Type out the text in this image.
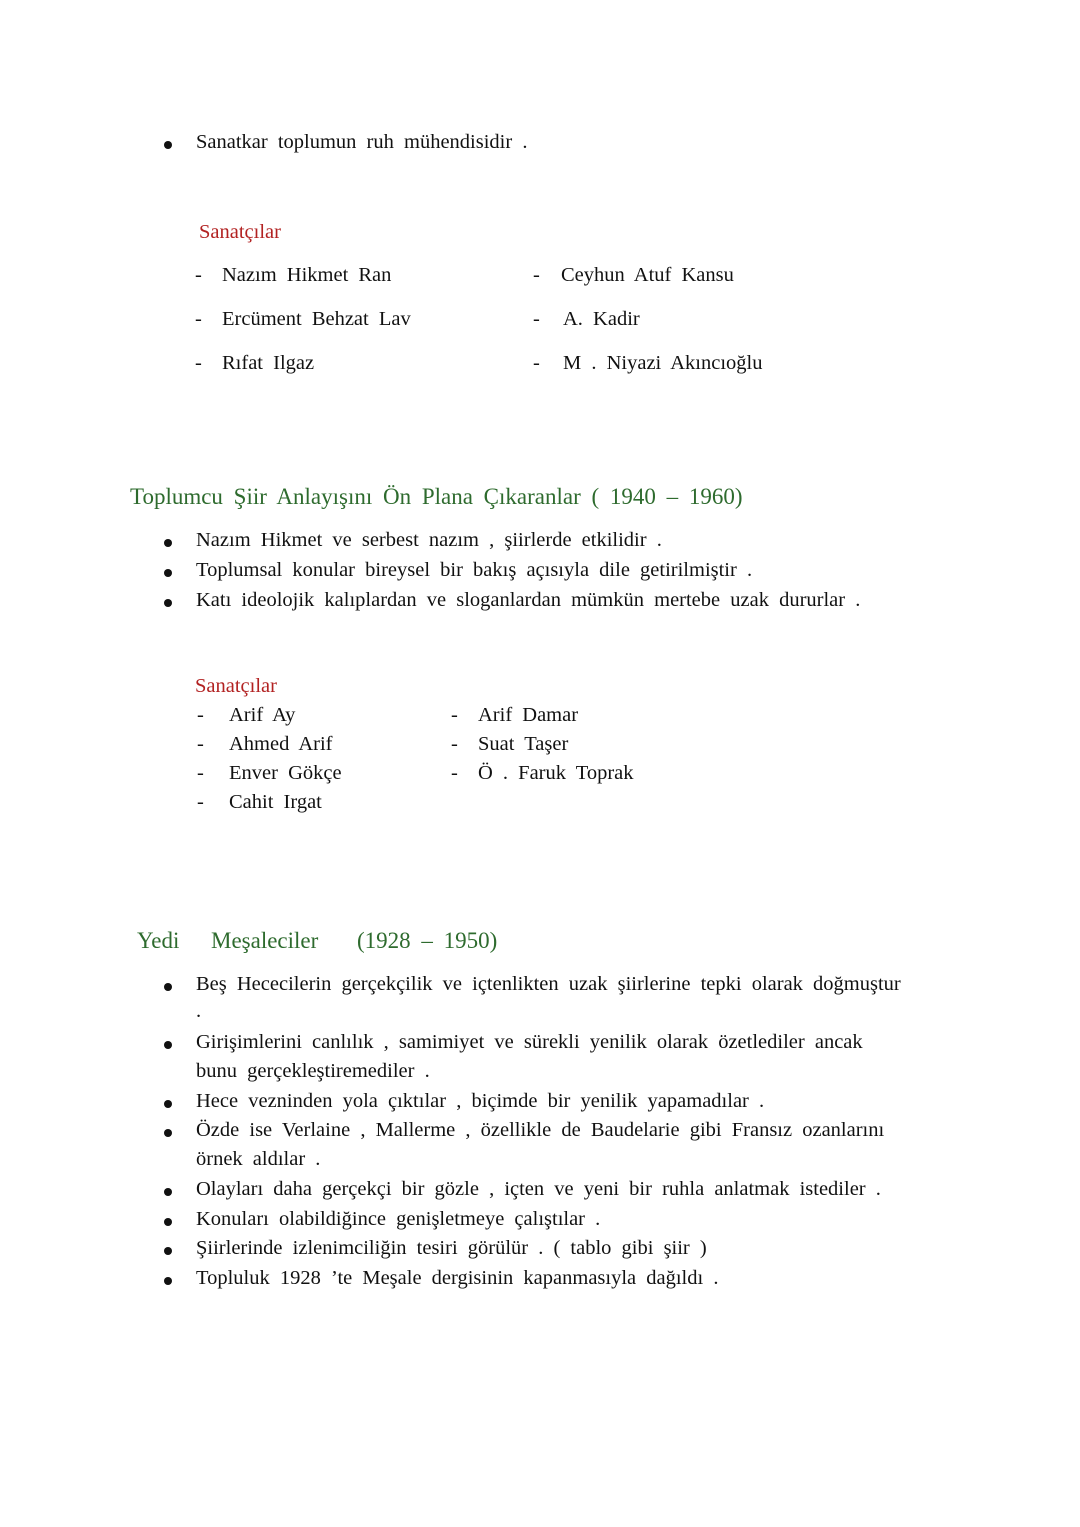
Sanatkar toplumun ruh mühendisidir .
Sanatçılar
- Nazım Hikmet Ran
- Ercüment Behzat Lav
- Rıfat Ilgaz
- Ceyhun Atuf Kansu
- A. Kadir
- M . Niyazi Akıncıoğlu
Toplumcu Şiir Anlayışını Ön Plana Çıkaranlar ( 1940 – 1960)
Nazım Hikmet ve serbest nazım , şiirlerde etkilidir .
Toplumsal konular bireysel bir bakış açısıyla dile getirilmiştir .
Katı ideolojik kalıplardan ve sloganlardan mümkün mertebe uzak dururlar .
Sanatçılar
- Arif Ay
- Ahmed Arif
- Enver Gökçe
- Cahit Irgat
- Arif Damar
- Suat Taşer
- Ö . Faruk Toprak
Yedi Meşaleciler (1928 – 1950)
Beş Hececilerin gerçekçilik ve içtenlikten uzak şiirlerine tepki olarak doğmuştur
.
Girişimlerini canlılık , samimiyet ve sürekli yenilik olarak özetlediler ancak
bunu gerçekleştiremediler .
Hece vezninden yola çıktılar , biçimde bir yenilik yapamadılar .
Özde ise Verlaine , Mallerme , özellikle de Baudelarie gibi Fransız ozanlarını
örnek aldılar .
Olayları daha gerçekçi bir gözle , içten ve yeni bir ruhla anlatmak istediler .
Konuları olabildiğince genişletmeye çalıştılar .
Şiirlerinde izlenimciliğin tesiri görülür . ( tablo gibi şiir )
Topluluk 1928 ’te Meşale dergisinin kapanmasıyla dağıldı .
